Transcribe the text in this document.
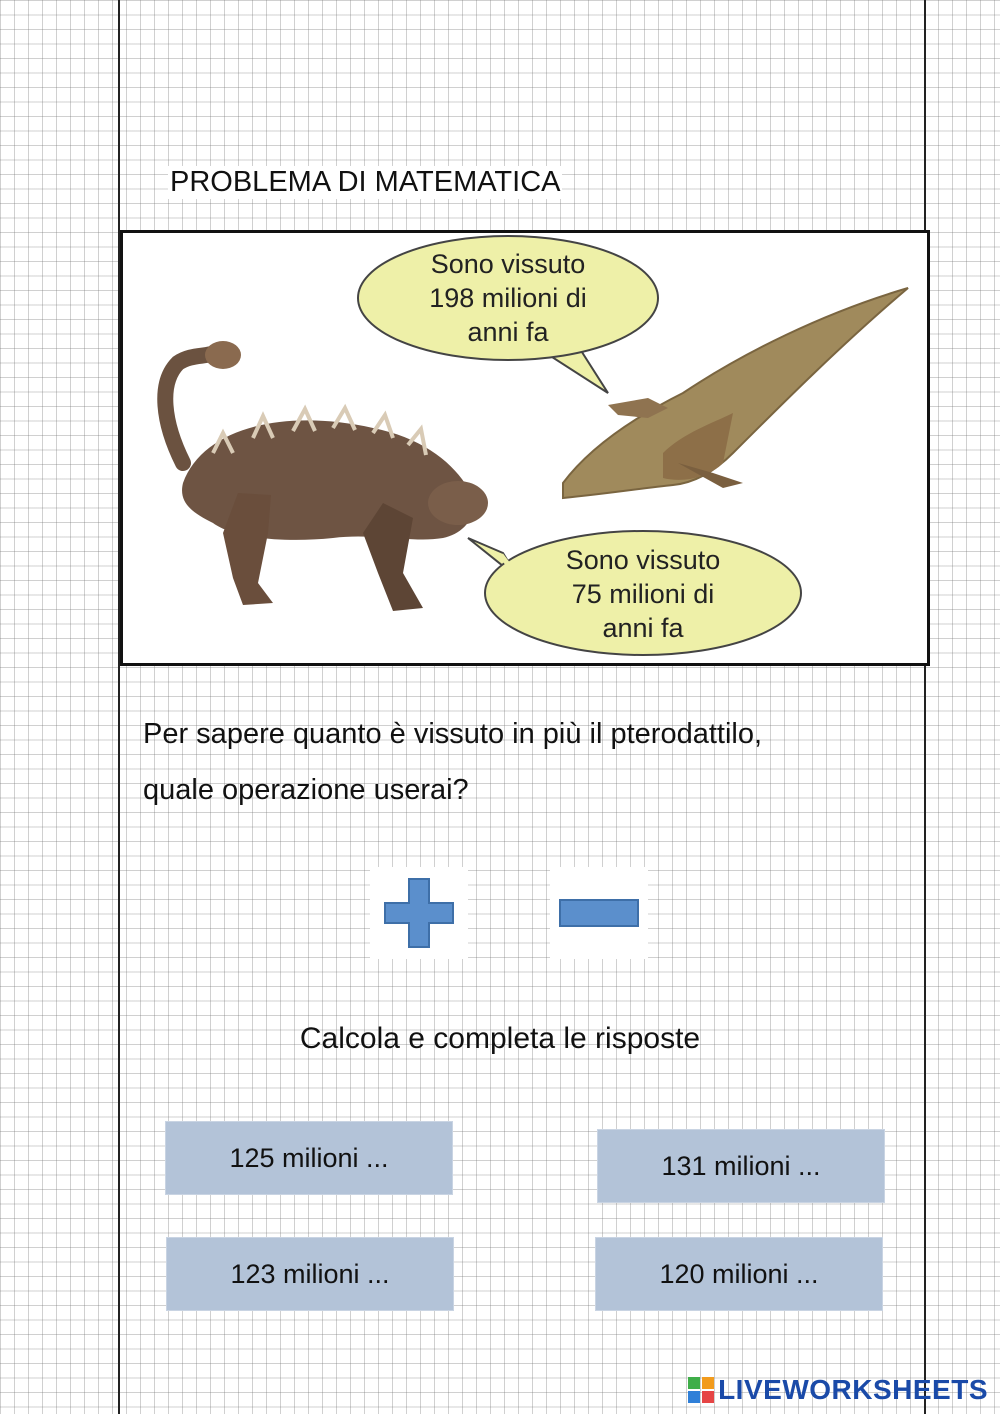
PROBLEMA DI MATEMATICA

Sono vissuto
198 milioni di
anni fa

Sono vissuto
75 milioni di
anni fa

Per sapere quanto è vissuto in più il pterodattilo,
quale operazione userai?

Calcola e completa le risposte

125 milioni ...	131 milioni ...
123 milioni ...	120 milioni ...
LIVEWORKSHEETS
